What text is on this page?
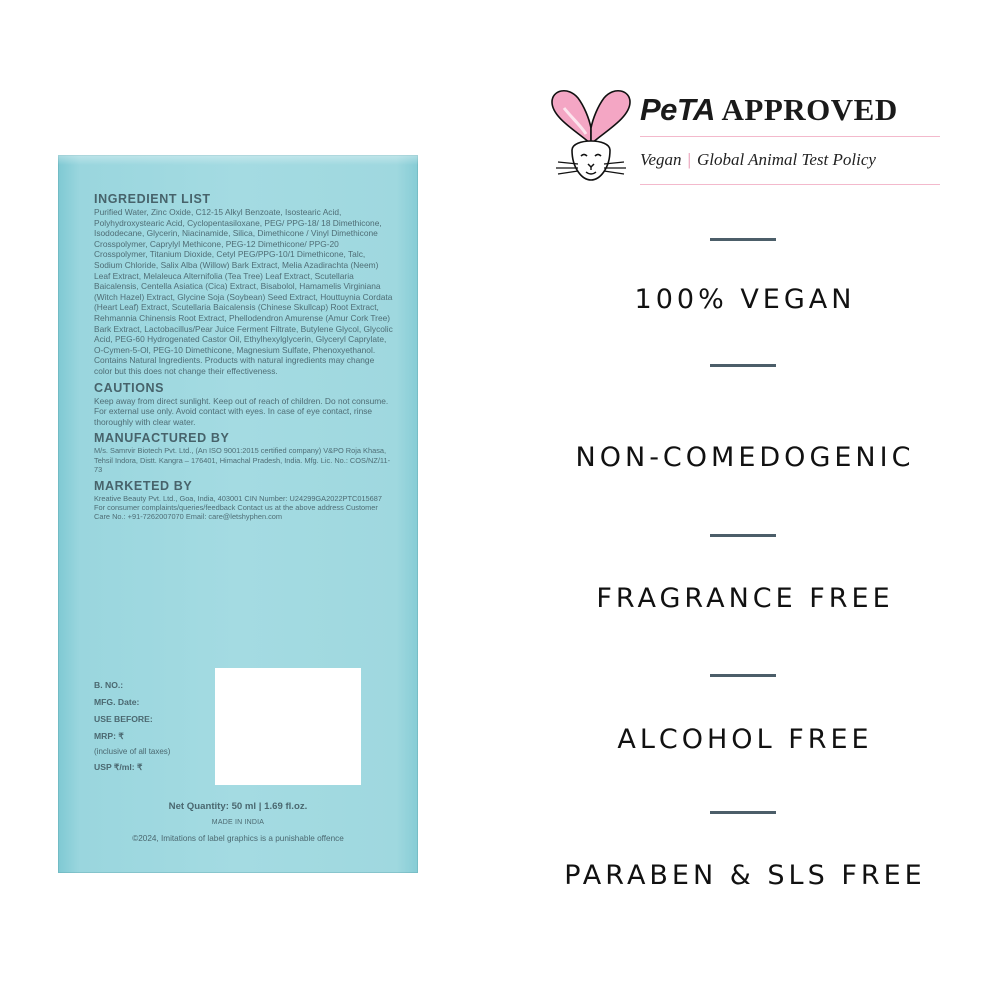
INGREDIENT LIST
Purified Water, Zinc Oxide, C12-15 Alkyl Benzoate, Isostearic Acid, Polyhydroxystearic Acid, Cyclopentasiloxane, PEG/ PPG-18/ 18 Dimethicone, Isododecane, Glycerin, Niacinamide, Silica, Dimethicone / Vinyl Dimethicone Crosspolymer, Caprylyl Methicone, PEG-12 Dimethicone/ PPG-20 Crosspolymer, Titanium Dioxide, Cetyl PEG/PPG-10/1 Dimethicone, Talc, Sodium Chloride, Salix Alba (Willow) Bark Extract, Melia Azadirachta (Neem) Leaf Extract, Melaleuca Alternifolia (Tea Tree) Leaf Extract, Scutellaria Baicalensis, Centella Asiatica (Cica) Extract, Bisabolol, Hamamelis Virginiana (Witch Hazel) Extract, Glycine Soja (Soybean) Seed Extract, Houttuynia Cordata (Heart Leaf) Extract, Scutellaria Baicalensis (Chinese Skullcap) Root Extract, Rehmannia Chinensis Root Extract, Phellodendron Amurense (Amur Cork Tree) Bark Extract, Lactobacillus/Pear Juice Ferment Filtrate, Butylene Glycol, Glycolic Acid, PEG-60 Hydrogenated Castor Oil, Ethylhexylglycerin, Glyceryl Caprylate, O-Cymen-5-Ol, PEG-10 Dimethicone, Magnesium Sulfate, Phenoxyethanol. Contains Natural Ingredients. Products with natural ingredients may change color but this does not change their effectiveness.
CAUTIONS
Keep away from direct sunlight. Keep out of reach of children. Do not consume. For external use only. Avoid contact with eyes. In case of eye contact, rinse thoroughly with clear water.
MANUFACTURED BY
M/s. Samrvir Biotech Pvt. Ltd., (An ISO 9001:2015 certified company) V&PO Roja Khasa, Tehsil Indora, Distt. Kangra – 176401, Himachal Pradesh, India. Mfg. Lic. No.: COS/NZ/11-73
MARKETED BY
Kreative Beauty Pvt. Ltd., Goa, India, 403001 CIN Number: U24299GA2022PTC015687 For consumer complaints/queries/feedback Contact us at the above address Customer Care No.: +91-7262007070 Email: care@letshyphen.com
B. NO.:
MFG. Date:
USE BEFORE:
MRP: ₹
(inclusive of all taxes)
USP ₹/ml: ₹
Net Quantity: 50 ml | 1.69 fl.oz.
MADE IN INDIA
©2024, Imitations of label graphics is a punishable offence
PeTA APPROVED
Vegan | Global Animal Test Policy
100% VEGAN
NON-COMEDOGENIC
FRAGRANCE FREE
ALCOHOL FREE
PARABEN & SLS FREE
